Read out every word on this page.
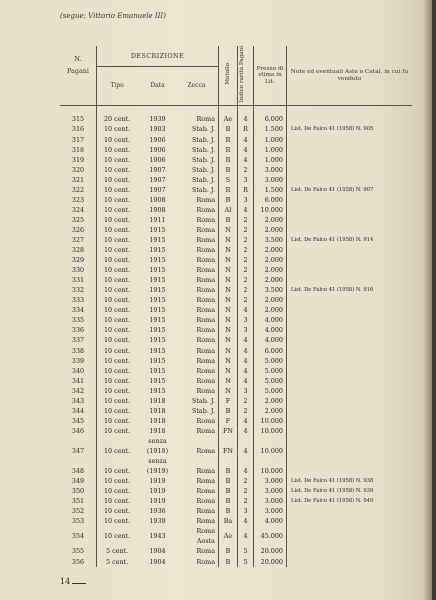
(segue: Vittorio Emanuele III)
N.
Pagani	DESCRIZIONE			Metallo	Indice rarità Pagani	Prezzo di stima in Lit.	Note ed eventuali Aste o Catal. in cui fu venduto
	Tipo	Data	Zecca				

315	20 cent.	1939	Roma	Ae	4	6.000	

316	10 cent.	1903	Stab. J.	B	R	1.500	List. De Falco 41 (1958) N. 905

317	10 cent.	1906	Stab. J.	R	4	1.000	

318	10 cent.	1906	Stab. J.	R	4	1.000	

319	10 cent.	1906	Stab. J.	R	4	1.000	

320	10 cent.	1907	Stab. J.	B	2	3.000	

321	10 cent.	1907	Stab. J.	S	3	3.000	

322	10 cent.	1907	Stab. J.	R	R	1.500	List. De Falco 41 (1958) N. 907

323	10 cent.	1908	Roma	B	3	6.000	

324	10 cent.	1908	Roma	Al	4	10.000	

325	10 cent.	1911	Roma	B	2	2.000	

326	10 cent.	1915	Roma	N	2	2.000	

327	10 cent.	1915	Roma	N	2	3.500	List. De Falco 41 (1958) N. 914

328	10 cent.	1915	Roma	N	2	2.000	

329	10 cent.	1915	Roma	N	2	2.000	

330	10 cent.	1915	Roma	N	2	2.000	

331	10 cent.	1915	Roma	N	2	2.000	

332	10 cent.	1915	Roma	N	2	3.500	List. De Falco 41 (1958) N. 916

333	10 cent.	1915	Roma	N	2	2.000	

334	10 cent.	1915	Roma	N	4	2.000	

335	10 cent.	1915	Roma	N	3	4.000	

336	10 cent.	1915	Roma	N	3	4.000	

337	10 cent.	1915	Roma	N	4	4.000	

338	10 cent.	1915	Roma	N	4	6.000	

339	10 cent.	1915	Roma	N	4	5.000	

340	10 cent.	1915	Roma	N	4	5.000	

341	10 cent.	1915	Roma	N	4	5.000	

342	10 cent.	1915	Roma	N	3	5.000	

343	10 cent.	1918	Stab. J.	F	2	2.000	

344	10 cent.	1918	Stab. J.	B	2	2.000	

345	10 cent.	1918	Roma	F	4	10.000	

346	10 cent.	1918	Roma	FN	4	10.000	

347	10 cent.	senza
(1918)	Roma	FN	4	10.000	

348	10 cent.	senza
(1919)	Roma	B	4	10.000	

349	10 cent.	1919	Roma	B	2	3.000	List. De Falco 41 (1958) N. 938

350	10 cent.	1919	Roma	B	2	3.000	List. De Falco 41 (1958) N. 939

351	10 cent.	1919	Roma	B	2	3.000	List. De Falco 41 (1958) N. 940

352	10 cent.	1936	Roma	B	3	3.000	

353	10 cent.	1939	Roma	Ba	4	4.000	

354	10 cent.	1943	Roma
Aosta	Ae	4	45.000	

355	5 cent.	1904	Roma	B	5	20.000	

356	5 cent.	1904	Roma	B	5	20.000	

14
